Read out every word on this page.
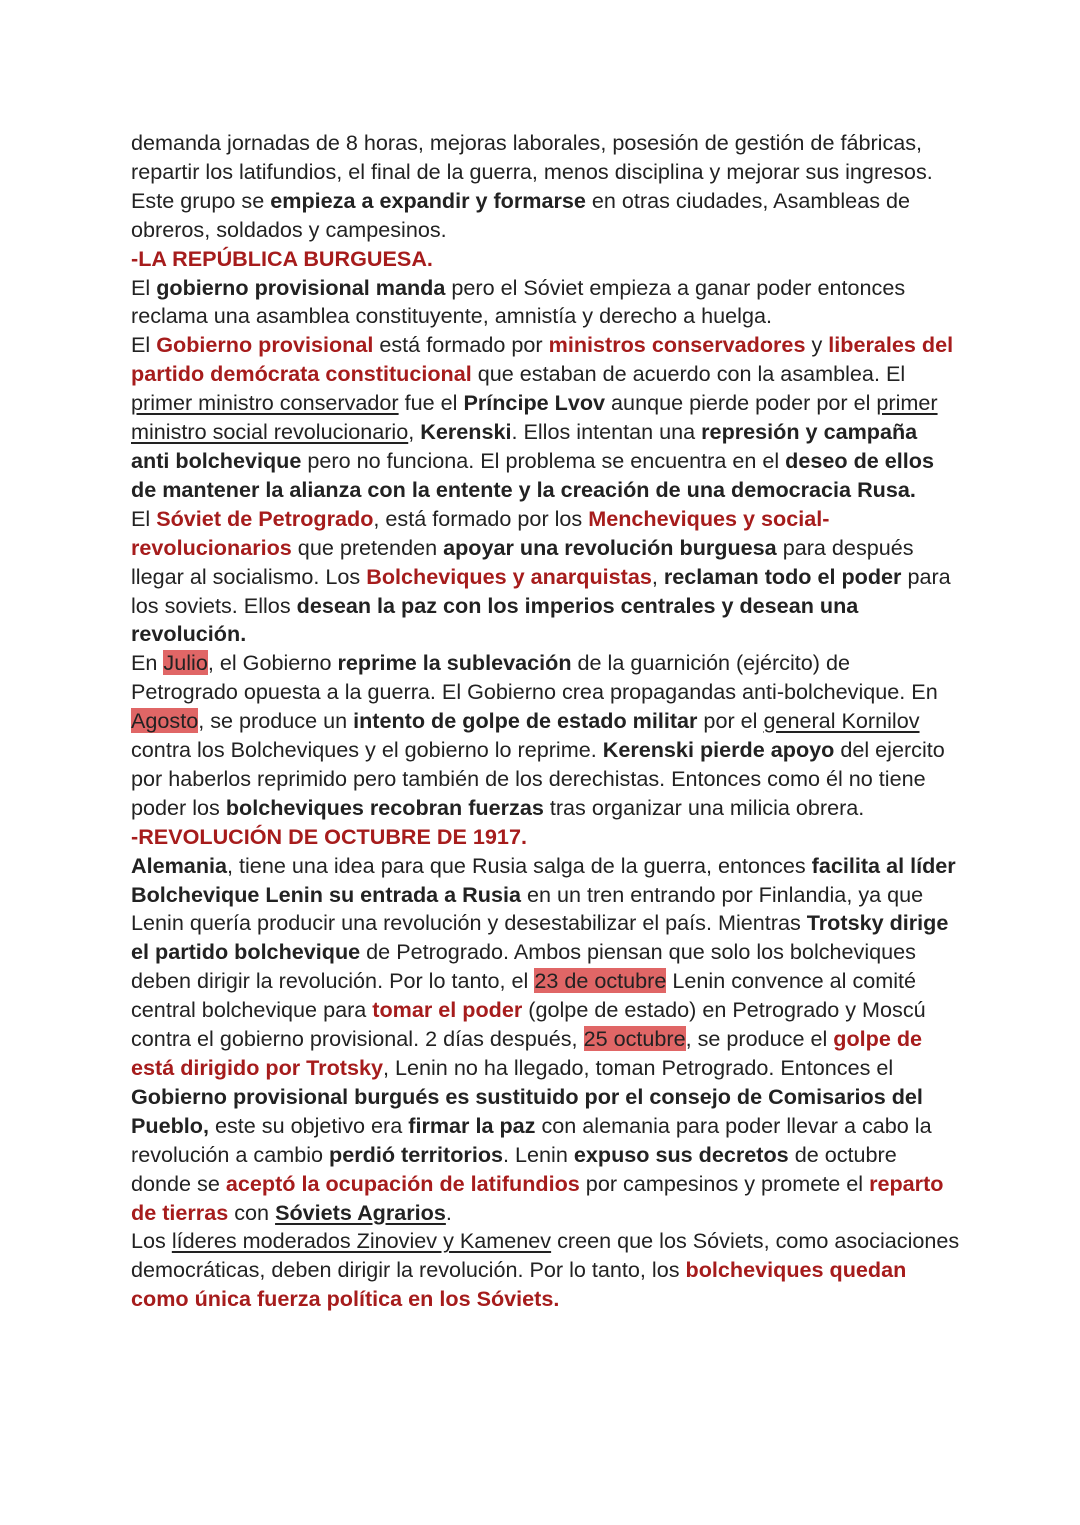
demanda jornadas de 8 horas, mejoras laborales, posesión de gestión de fábricas, repartir los latifundios, el final de la guerra, menos disciplina y mejorar sus ingresos. Este grupo se empieza a expandir y formarse en otras ciudades, Asambleas de obreros, soldados y campesinos.

-LA REPÚBLICA BURGUESA.

El gobierno provisional manda pero el Sóviet empieza a ganar poder entonces reclama una asamblea constituyente, amnistía y derecho a huelga.

El Gobierno provisional está formado por ministros conservadores y liberales del partido demócrata constitucional que estaban de acuerdo con la asamblea. El primer ministro conservador fue el Príncipe Lvov aunque pierde poder por el primer ministro social revolucionario, Kerenski. Ellos intentan una represión y campaña anti bolchevique pero no funciona. El problema se encuentra en el deseo de ellos de mantener la alianza con la entente y la creación de una democracia Rusa.

El Sóviet de Petrogrado, está formado por los Mencheviques y social-revolucionarios que pretenden apoyar una revolución burguesa para después llegar al socialismo. Los Bolcheviques y anarquistas, reclaman todo el poder para los soviets. Ellos desean la paz con los imperios centrales y desean una revolución.

En Julio, el Gobierno reprime la sublevación de la guarnición (ejército) de Petrogrado opuesta a la guerra. El Gobierno crea propagandas anti-bolchevique. En Agosto, se produce un intento de golpe de estado militar por el general Kornilov contra los Bolcheviques y el gobierno lo reprime. Kerenski pierde apoyo del ejercito por haberlos reprimido pero también de los derechistas. Entonces como él no tiene poder los bolcheviques recobran fuerzas tras organizar una milicia obrera.

-REVOLUCIÓN DE OCTUBRE DE 1917.

Alemania, tiene una idea para que Rusia salga de la guerra, entonces facilita al líder Bolchevique Lenin su entrada a Rusia en un tren entrando por Finlandia, ya que Lenin quería producir una revolución y desestabilizar el país. Mientras Trotsky dirige el partido bolchevique de Petrogrado. Ambos piensan que solo los bolcheviques deben dirigir la revolución. Por lo tanto, el 23 de octubre Lenin convence al comité central bolchevique para tomar el poder (golpe de estado) en Petrogrado y Moscú contra el gobierno provisional. 2 días después, 25 octubre, se produce el golpe de está dirigido por Trotsky, Lenin no ha llegado, toman Petrogrado. Entonces el Gobierno provisional burgués es sustituido por el consejo de Comisarios del Pueblo, este su objetivo era firmar la paz con alemania para poder llevar a cabo la revolución a cambio perdió territorios. Lenin expuso sus decretos de octubre donde se aceptó la ocupación de latifundios por campesinos y promete el reparto de tierras con Sóviets Agrarios.

Los líderes moderados Zinoviev y Kamenev creen que los Sóviets, como asociaciones democráticas, deben dirigir la revolución. Por lo tanto, los bolcheviques quedan como única fuerza política en los Sóviets.
